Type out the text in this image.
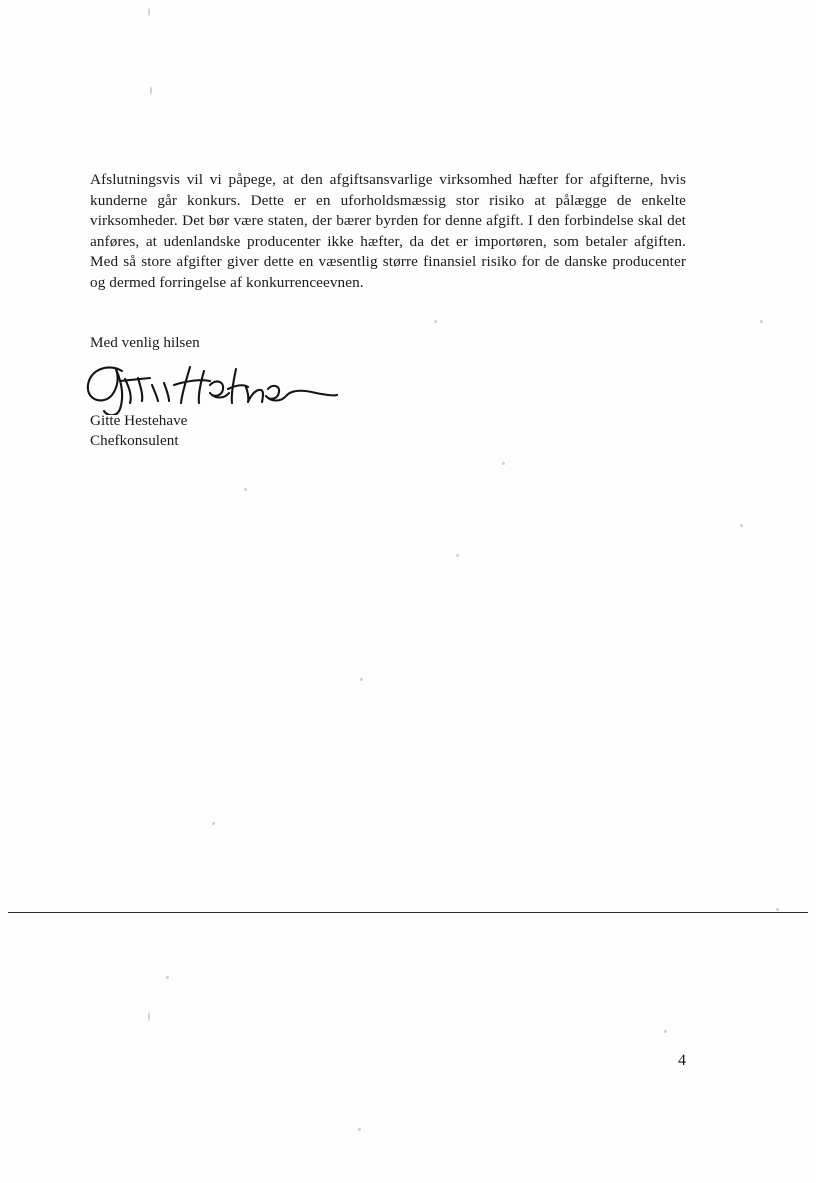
Afslutningsvis vil vi påpege, at den afgiftsansvarlige virksomhed hæfter for afgifterne, hvis kunderne går konkurs. Dette er en uforholdsmæssig stor risiko at pålægge de enkelte virksomheder. Det bør være staten, der bærer byrden for denne afgift. I den forbindelse skal det anføres, at udenlandske producenter ikke hæfter, da det er importøren, som betaler afgiften. Med så store afgifter giver dette en væsentlig større finansiel risiko for de danske producenter og dermed forringelse af konkurrenceevnen.

Med venlig hilsen
Gitte Hestehave
Chefkonsulent
4
